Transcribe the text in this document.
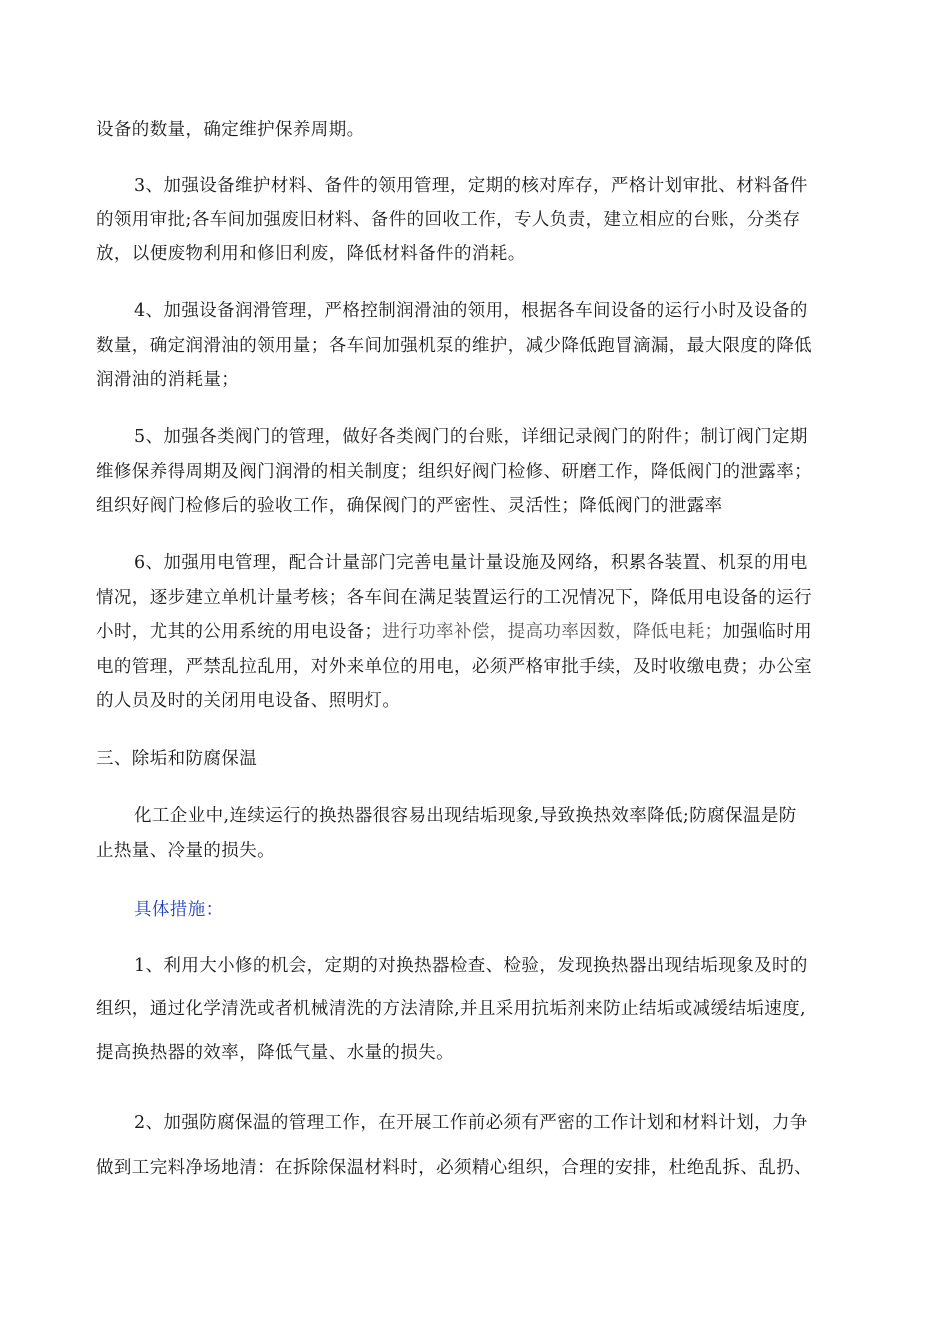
设备的数量，确定维护保养周期。
3、加强设备维护材料、备件的领用管理，定期的核对库存，严格计划审批、材料备件
的领用审批;各车间加强废旧材料、备件的回收工作，专人负责，建立相应的台账，分类存
放，以便废物利用和修旧利废，降低材料备件的消耗。
4、加强设备润滑管理，严格控制润滑油的领用，根据各车间设备的运行小时及设备的
数量，确定润滑油的领用量；各车间加强机泵的维护，减少降低跑冒滴漏，最大限度的降低
润滑油的消耗量；
5、加强各类阀门的管理，做好各类阀门的台账，详细记录阀门的附件；制订阀门定期
维修保养得周期及阀门润滑的相关制度；组织好阀门检修、研磨工作，降低阀门的泄露率；
组织好阀门检修后的验收工作，确保阀门的严密性、灵活性；降低阀门的泄露率
6、加强用电管理，配合计量部门完善电量计量设施及网络，积累各装置、机泵的用电
情况，逐步建立单机计量考核；各车间在满足装置运行的工况情况下，降低用电设备的运行
小时，尤其的公用系统的用电设备；进行功率补偿，提高功率因数，降低电耗；加强临时用
电的管理，严禁乱拉乱用，对外来单位的用电，必须严格审批手续，及时收缴电费；办公室
的人员及时的关闭用电设备、照明灯。
三、除垢和防腐保温
化工企业中,连续运行的换热器很容易出现结垢现象,导致换热效率降低;防腐保温是防
止热量、冷量的损失。
具体措施：
1、利用大小修的机会，定期的对换热器检查、检验，发现换热器出现结垢现象及时的
组织，通过化学清洗或者机械清洗的方法清除,并且采用抗垢剂来防止结垢或减缓结垢速度,
提高换热器的效率，降低气量、水量的损失。
2、加强防腐保温的管理工作，在开展工作前必须有严密的工作计划和材料计划，力争
做到工完料净场地清：在拆除保温材料时，必须精心组织，合理的安排，杜绝乱拆、乱扔、
